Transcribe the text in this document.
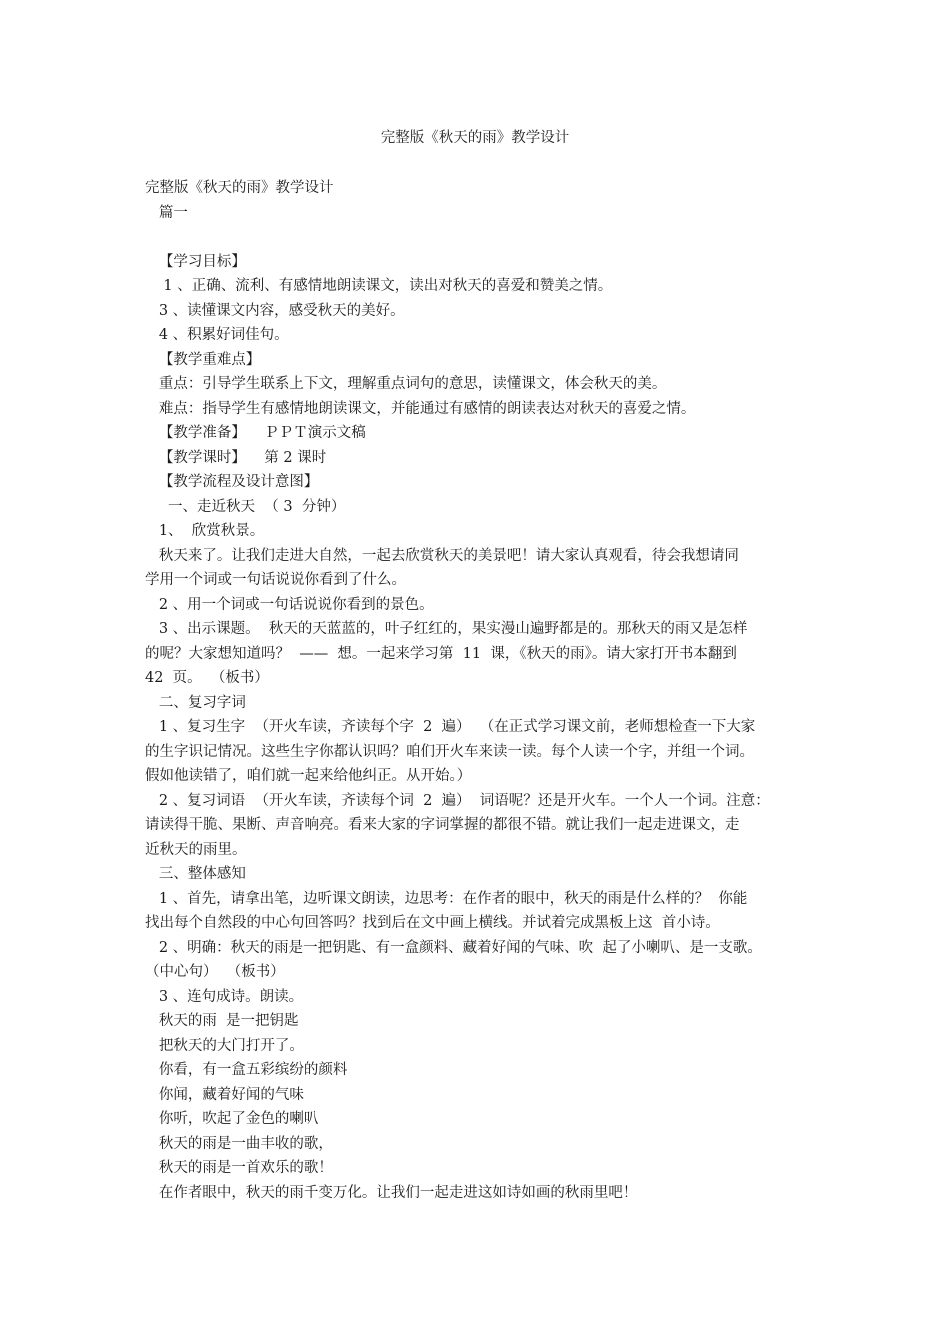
完整版《秋天的雨》教学设计
完整版《秋天的雨》教学设计
篇一
【学习目标】
1 、正确、流利、有感情地朗读课文，读出对秋天的喜爱和赞美之情。
3 、读懂课文内容，感受秋天的美好。
4 、积累好词佳句。
【教学重难点】
重点：引导学生联系上下文，理解重点词句的意思，读懂课文，体会秋天的美。
难点：指导学生有感情地朗读课文，并能通过有感情的朗读表达对秋天的喜爱之情。
【教学准备】    ＰＰＴ演示文稿
【教学课时】    第 2 课时
【教学流程及设计意图】
一、走近秋天  （ 3  分钟）
1、  欣赏秋景。
秋天来了。让我们走进大自然，一起去欣赏秋天的美景吧！请大家认真观看，待会我想请同
学用一个词或一句话说说你看到了什么。
2 、用一个词或一句话说说你看到的景色。
3 、出示课题。  秋天的天蓝蓝的，叶子红红的，果实漫山遍野都是的。那秋天的雨又是怎样
的呢？大家想知道吗？  ——  想。一起来学习第  11  课，《秋天的雨》。请大家打开书本翻到
42  页。  （板书）
二、复习字词
1 、复习生字  （开火车读，齐读每个字  2  遍）  （在正式学习课文前，老师想检查一下大家
的生字识记情况。这些生字你都认识吗？咱们开火车来读一读。每个人读一个字，并组一个词。
假如他读错了，咱们就一起来给他纠正。从开始。）
2 、复习词语  （开火车读，齐读每个词  2  遍）  词语呢？还是开火车。一个人一个词。注意：
请读得干脆、果断、声音响亮。看来大家的字词掌握的都很不错。就让我们一起走进课文，走
近秋天的雨里。
三、整体感知
1 、首先，请拿出笔，边听课文朗读，边思考：在作者的眼中，秋天的雨是什么样的？  你能
找出每个自然段的中心句回答吗？找到后在文中画上横线。并试着完成黑板上这  首小诗。
2 、明确：秋天的雨是一把钥匙、有一盒颜料、藏着好闻的气味、吹  起了小喇叭、是一支歌。
（中心句）  （板书）
3 、连句成诗。朗读。
秋天的雨  是一把钥匙
把秋天的大门打开了。
你看，有一盒五彩缤纷的颜料
你闻，藏着好闻的气味
你听，吹起了金色的喇叭
秋天的雨是一曲丰收的歌，
秋天的雨是一首欢乐的歌！
在作者眼中，秋天的雨千变万化。让我们一起走进这如诗如画的秋雨里吧！
